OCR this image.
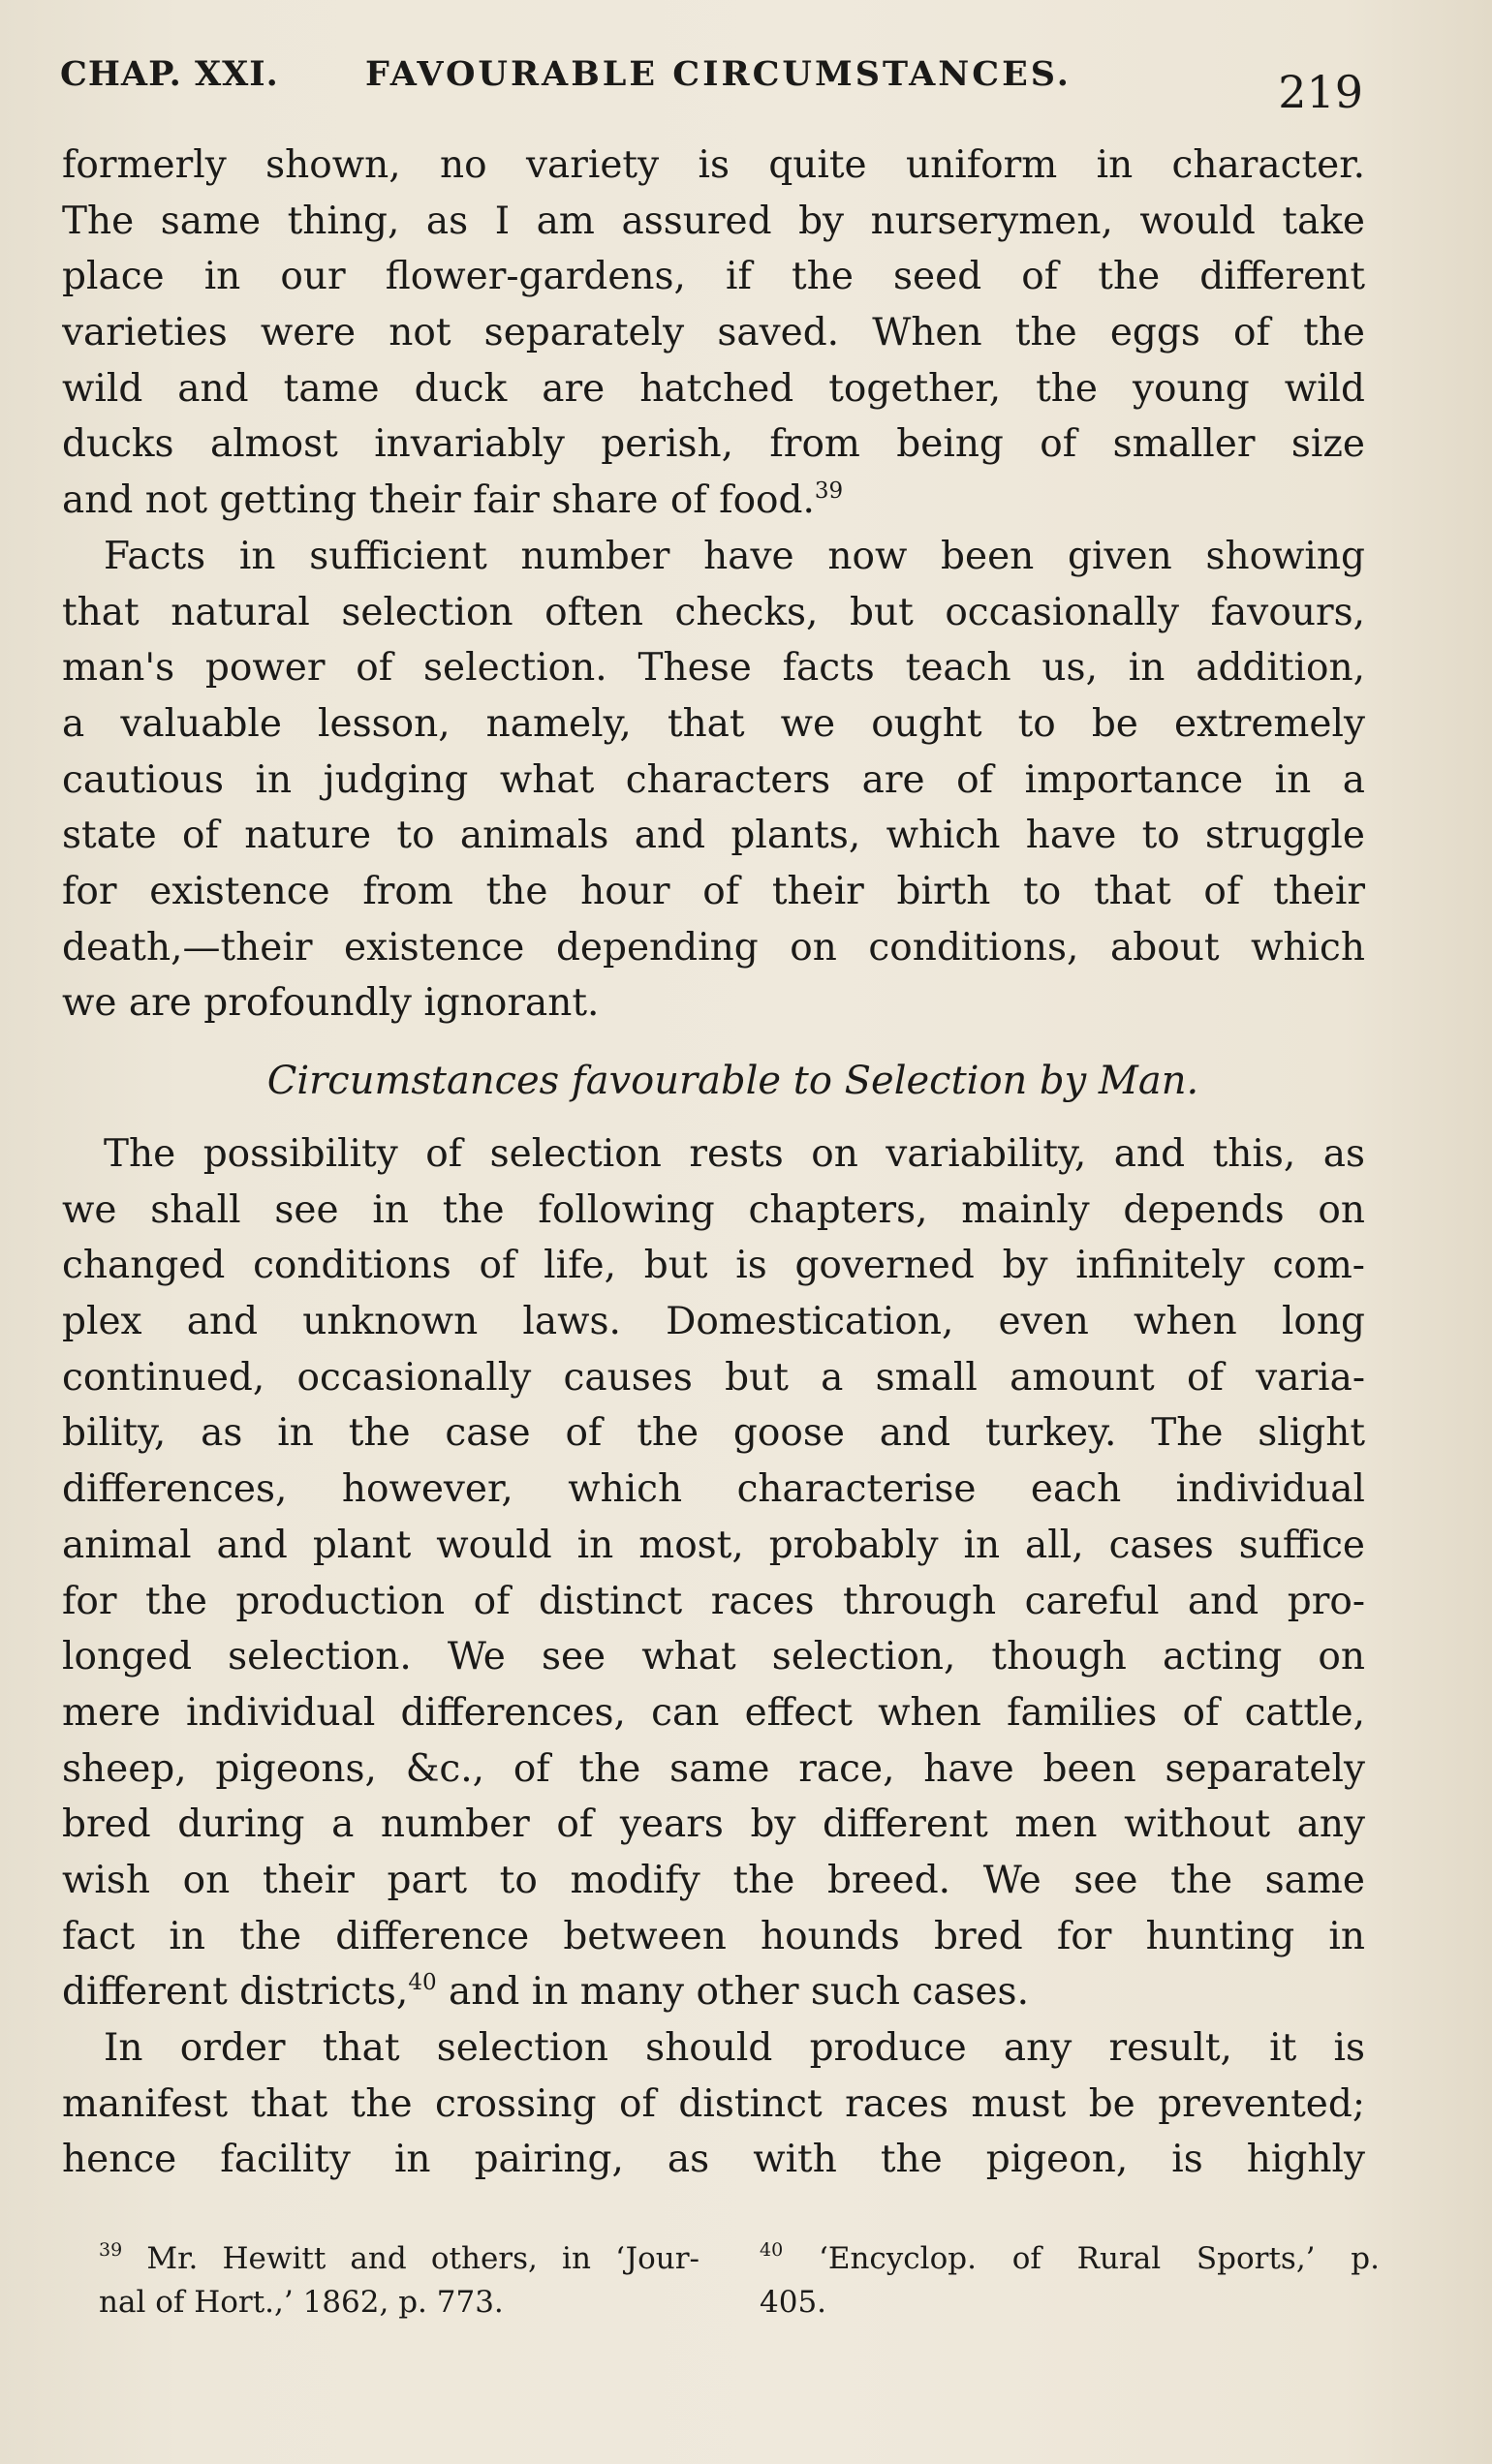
CHAP. XXI.	FAVOURABLE CIRCUMSTANCES.	219
formerly shown, no variety is quite uniform in character.
The same thing, as I am assured by nurserymen, would take
place in our flower-gardens, if the seed of the different
varieties were not separately saved. When the eggs of the
wild and tame duck are hatched together, the young wild
ducks almost invariably perish, from being of smaller size
and not getting their fair share of food.$^{39}$
Facts in sufficient number have now been given showing
that natural selection often checks, but occasionally favours,
man's power of selection. These facts teach us, in addition,
a valuable lesson, namely, that we ought to be extremely
cautious in judging what characters are of importance in a
state of nature to animals and plants, which have to struggle
for existence from the hour of their birth to that of their
death,—their existence depending on conditions, about which
we are profoundly ignorant.
Circumstances favourable to Selection by Man.
The possibility of selection rests on variability, and this, as
we shall see in the following chapters, mainly depends on
changed conditions of life, but is governed by infinitely com-
plex and unknown laws. Domestication, even when long
continued, occasionally causes but a small amount of varia-
bility, as in the case of the goose and turkey. The slight
differences, however, which characterise each individual
animal and plant would in most, probably in all, cases suffice
for the production of distinct races through careful and pro-
longed selection. We see what selection, though acting on
mere individual differences, can effect when families of cattle,
sheep, pigeons, &c., of the same race, have been separately
bred during a number of years by different men without any
wish on their part to modify the breed. We see the same
fact in the difference between hounds bred for hunting in
different districts,$^{40}$ and in many other such cases.
In order that selection should produce any result, it is
manifest that the crossing of distinct races must be prevented;
hence facility in pairing, as with the pigeon, is highly
$^{39}$ Mr. Hewitt and others, in ‘Jour-
nal of Hort.,’ 1862, p. 773.
$^{40}$ ‘Encyclop. of Rural Sports,’ p.
405.
